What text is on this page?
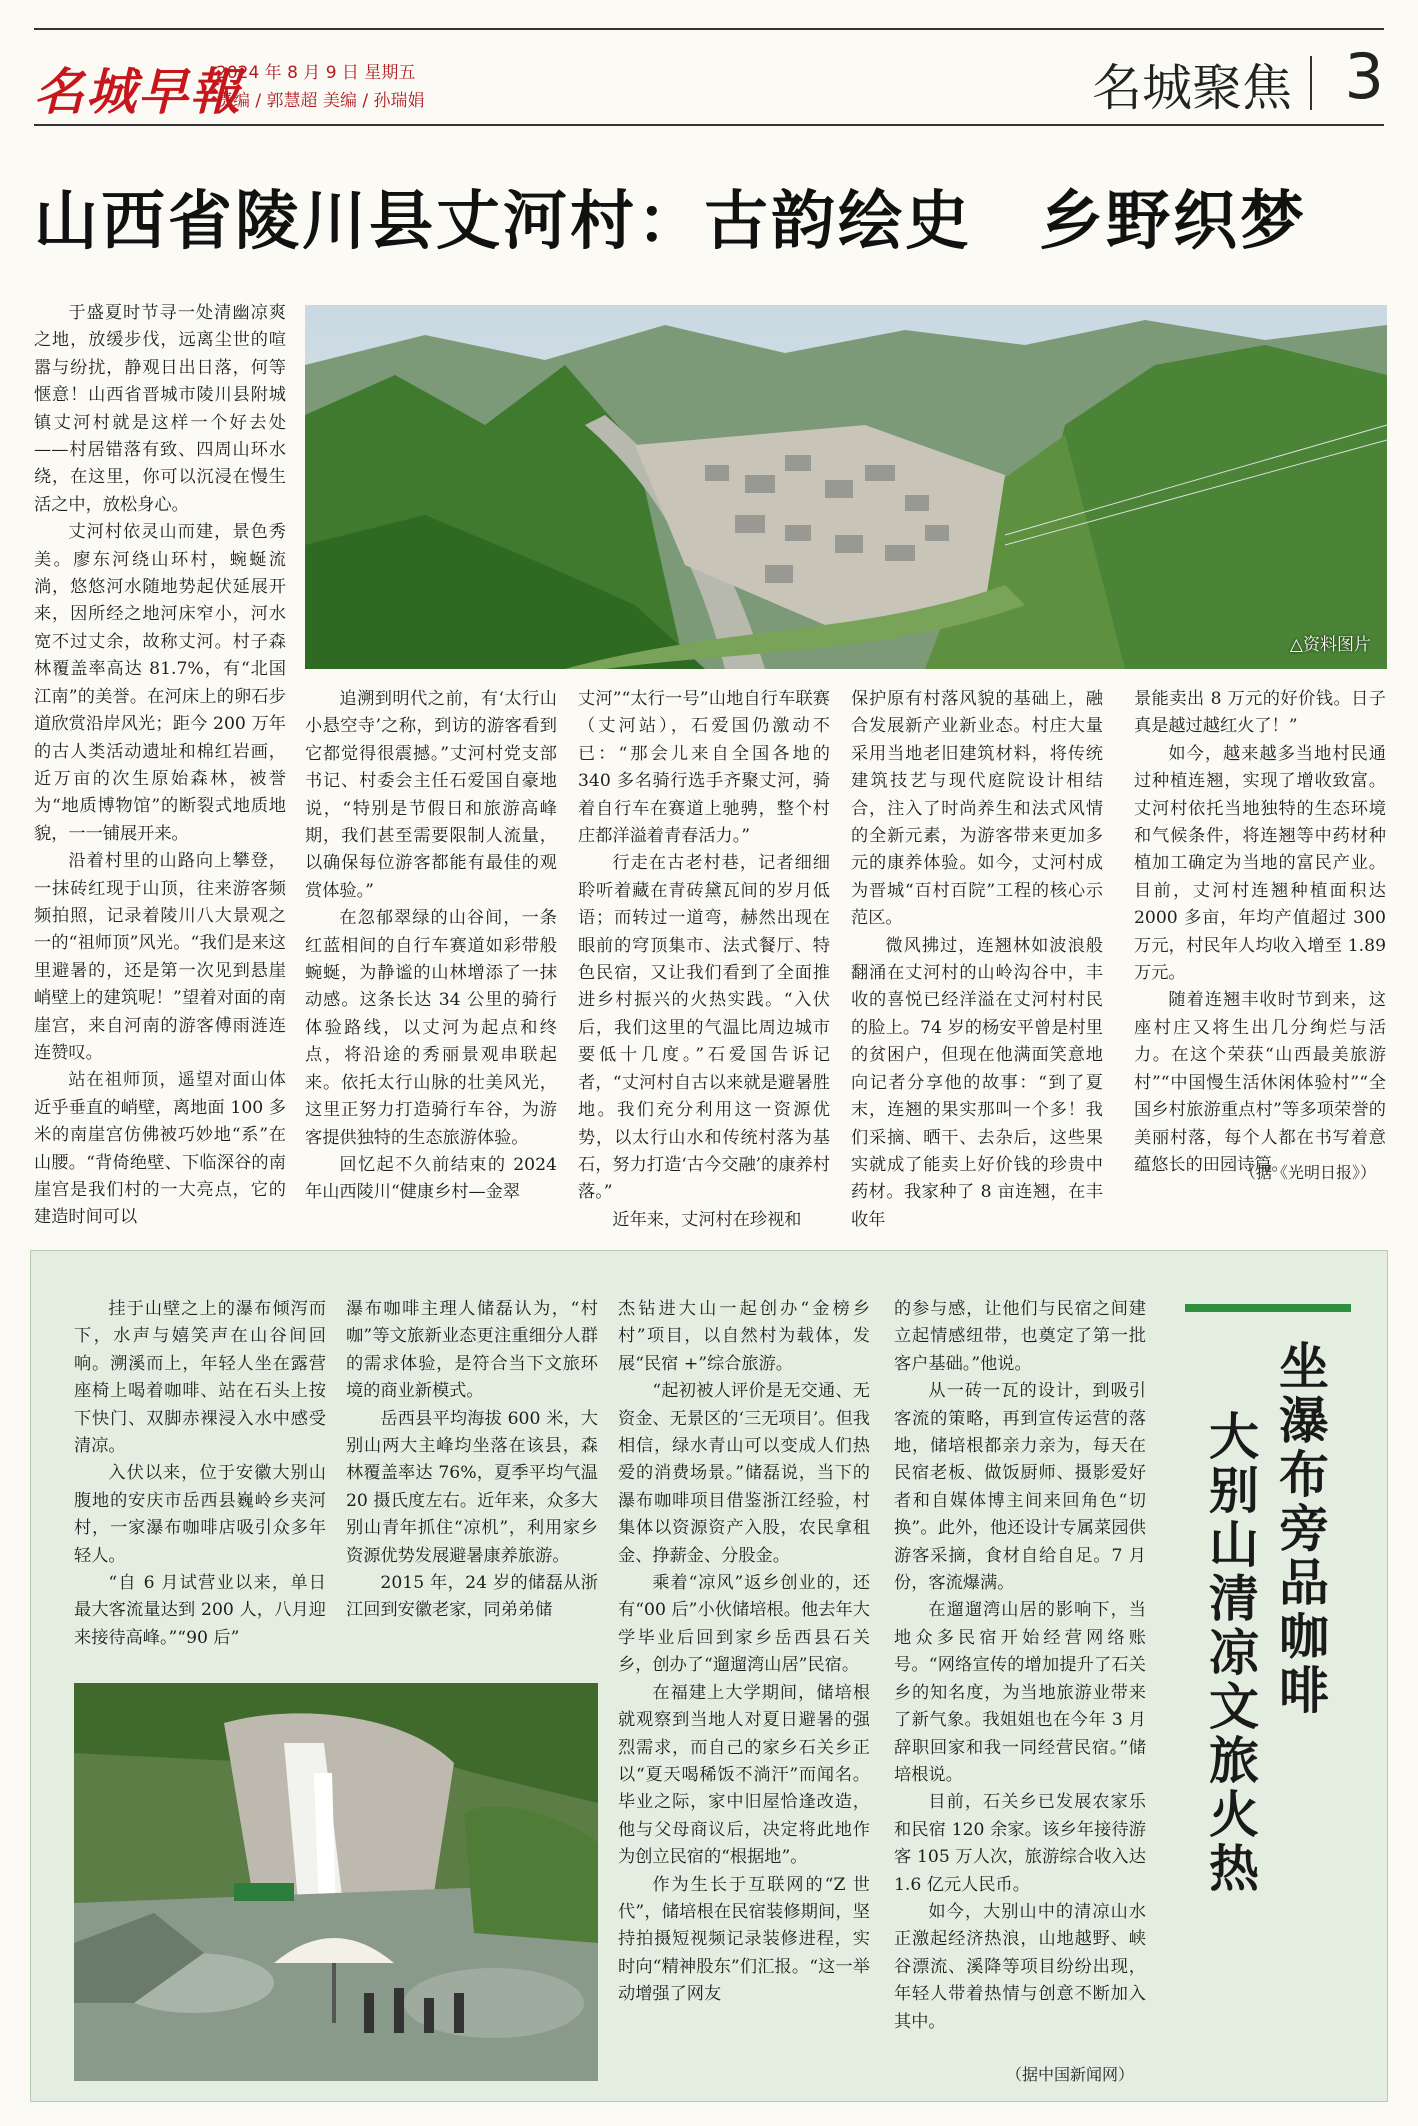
名城早報
2024 年 8 月 9 日 星期五
责编 / 郭慧超 美编 / 孙瑞娟	名城聚焦 3
山西省陵川县丈河村：古韵绘史　乡野织梦

于盛夏时节寻一处清幽凉爽之地，放缓步伐，远离尘世的喧嚣与纷扰，静观日出日落，何等惬意！山西省晋城市陵川县附城镇丈河村就是这样一个好去处——村居错落有致、四周山环水绕，在这里，你可以沉浸在慢生活之中，放松身心。

丈河村依灵山而建，景色秀美。廖东河绕山环村，蜿蜒流淌，悠悠河水随地势起伏延展开来，因所经之地河床窄小，河水宽不过丈余，故称丈河。村子森林覆盖率高达 81.7%，有“北国江南”的美誉。在河床上的卵石步道欣赏沿岸风光；距今 200 万年的古人类活动遗址和棉红岩画，近万亩的次生原始森林，被誉为“地质博物馆”的断裂式地质地貌，一一铺展开来。

沿着村里的山路向上攀登，一抹砖红现于山顶，往来游客频频拍照，记录着陵川八大景观之一的“祖师顶”风光。“我们是来这里避暑的，还是第一次见到悬崖峭壁上的建筑呢！”望着对面的南崖宫，来自河南的游客傅雨涟连连赞叹。

站在祖师顶，遥望对面山体近乎垂直的峭壁，离地面 100 多米的南崖宫仿佛被巧妙地“系”在山腰。“背倚绝壁、下临深谷的南崖宫是我们村的一大亮点，它的建造时间可以

△资料图片

追溯到明代之前，有‘太行山小悬空寺’之称，到访的游客看到它都觉得很震撼。”丈河村党支部书记、村委会主任石爱国自豪地说，“特别是节假日和旅游高峰期，我们甚至需要限制人流量，以确保每位游客都能有最佳的观赏体验。”

在忽郁翠绿的山谷间，一条红蓝相间的自行车赛道如彩带般蜿蜒，为静谧的山林增添了一抹动感。这条长达 34 公里的骑行体验路线，以丈河为起点和终点，将沿途的秀丽景观串联起来。依托太行山脉的壮美风光，这里正努力打造骑行车谷，为游客提供独特的生态旅游体验。

回忆起不久前结束的 2024 年山西陵川“健康乡村—金翠

丈河”“太行一号”山地自行车联赛（丈河站），石爱国仍激动不已：“那会儿来自全国各地的 340 多名骑行选手齐聚丈河，骑着自行车在赛道上驰骋，整个村庄都洋溢着青春活力。”

行走在古老村巷，记者细细聆听着藏在青砖黛瓦间的岁月低语；而转过一道弯，赫然出现在眼前的穹顶集市、法式餐厅、特色民宿，又让我们看到了全面推进乡村振兴的火热实践。“入伏后，我们这里的气温比周边城市要低十几度。”石爱国告诉记者，“丈河村自古以来就是避暑胜地。我们充分利用这一资源优势，以太行山水和传统村落为基石，努力打造‘古今交融’的康养村落。”

近年来，丈河村在珍视和

保护原有村落风貌的基础上，融合发展新产业新业态。村庄大量采用当地老旧建筑材料，将传统建筑技艺与现代庭院设计相结合，注入了时尚养生和法式风情的全新元素，为游客带来更加多元的康养体验。如今，丈河村成为晋城“百村百院”工程的核心示范区。

微风拂过，连翘林如波浪般翻涌在丈河村的山岭沟谷中，丰收的喜悦已经洋溢在丈河村村民的脸上。74 岁的杨安平曾是村里的贫困户，但现在他满面笑意地向记者分享他的故事：“到了夏末，连翘的果实那叫一个多！我们采摘、晒干、去杂后，这些果实就成了能卖上好价钱的珍贵中药材。我家种了 8 亩连翘，在丰收年

景能卖出 8 万元的好价钱。日子真是越过越红火了！”

如今，越来越多当地村民通过种植连翘，实现了增收致富。丈河村依托当地独特的生态环境和气候条件，将连翘等中药材种植加工确定为当地的富民产业。目前，丈河村连翘种植面积达 2000 多亩，年均产值超过 300 万元，村民年人均收入增至 1.89 万元。

随着连翘丰收时节到来，这座村庄又将生出几分绚烂与活力。在这个荣获“山西最美旅游村”“中国慢生活休闲体验村”“全国乡村旅游重点村”等多项荣誉的美丽村落，每个人都在书写着意蕴悠长的田园诗篇。

（据《光明日报》）
坐瀑布旁品咖啡
大别山清凉文旅火热

挂于山壁之上的瀑布倾泻而下，水声与嬉笑声在山谷间回响。溯溪而上，年轻人坐在露营座椅上喝着咖啡、站在石头上按下快门、双脚赤裸浸入水中感受清凉。

入伏以来，位于安徽大别山腹地的安庆市岳西县巍岭乡夹河村，一家瀑布咖啡店吸引众多年轻人。

“自 6 月试营业以来，单日最大客流量达到 200 人，八月迎来接待高峰。”“90 后”

瀑布咖啡主理人储磊认为，“村咖”等文旅新业态更注重细分人群的需求体验，是符合当下文旅环境的商业新模式。

岳西县平均海拔 600 米，大别山两大主峰均坐落在该县，森林覆盖率达 76%，夏季平均气温 20 摄氏度左右。近年来，众多大别山青年抓住“凉机”，利用家乡资源优势发展避暑康养旅游。

2015 年，24 岁的储磊从浙江回到安徽老家，同弟弟储

杰钻进大山一起创办“金榜乡村”项目，以自然村为载体，发展“民宿 +”综合旅游。

“起初被人评价是无交通、无资金、无景区的‘三无项目’。但我相信，绿水青山可以变成人们热爱的消费场景。”储磊说，当下的瀑布咖啡项目借鉴浙江经验，村集体以资源资产入股，农民拿租金、挣薪金、分股金。

乘着“凉风”返乡创业的，还有“00 后”小伙储培根。他去年大学毕业后回到家乡岳西县石关乡，创办了“遛遛湾山居”民宿。

在福建上大学期间，储培根就观察到当地人对夏日避暑的强烈需求，而自己的家乡石关乡正以“夏天喝稀饭不淌汗”而闻名。毕业之际，家中旧屋恰逢改造，他与父母商议后，决定将此地作为创立民宿的“根据地”。

作为生长于互联网的“Z 世代”，储培根在民宿装修期间，坚持拍摄短视频记录装修进程，实时向“精神股东”们汇报。“这一举动增强了网友

的参与感，让他们与民宿之间建立起情感纽带，也奠定了第一批客户基础。”他说。

从一砖一瓦的设计，到吸引客流的策略，再到宣传运营的落地，储培根都亲力亲为，每天在民宿老板、做饭厨师、摄影爱好者和自媒体博主间来回角色“切换”。此外，他还设计专属菜园供游客采摘，食材自给自足。7 月份，客流爆满。

在遛遛湾山居的影响下，当地众多民宿开始经营网络账号。“网络宣传的增加提升了石关乡的知名度，为当地旅游业带来了新气象。我姐姐也在今年 3 月辞职回家和我一同经营民宿。”储培根说。

目前，石关乡已发展农家乐和民宿 120 余家。该乡年接待游客 105 万人次，旅游综合收入达 1.6 亿元人民币。

如今，大别山中的清凉山水正激起经济热浪，山地越野、峡谷漂流、溪降等项目纷纷出现，年轻人带着热情与创意不断加入其中。

（据中国新闻网）
